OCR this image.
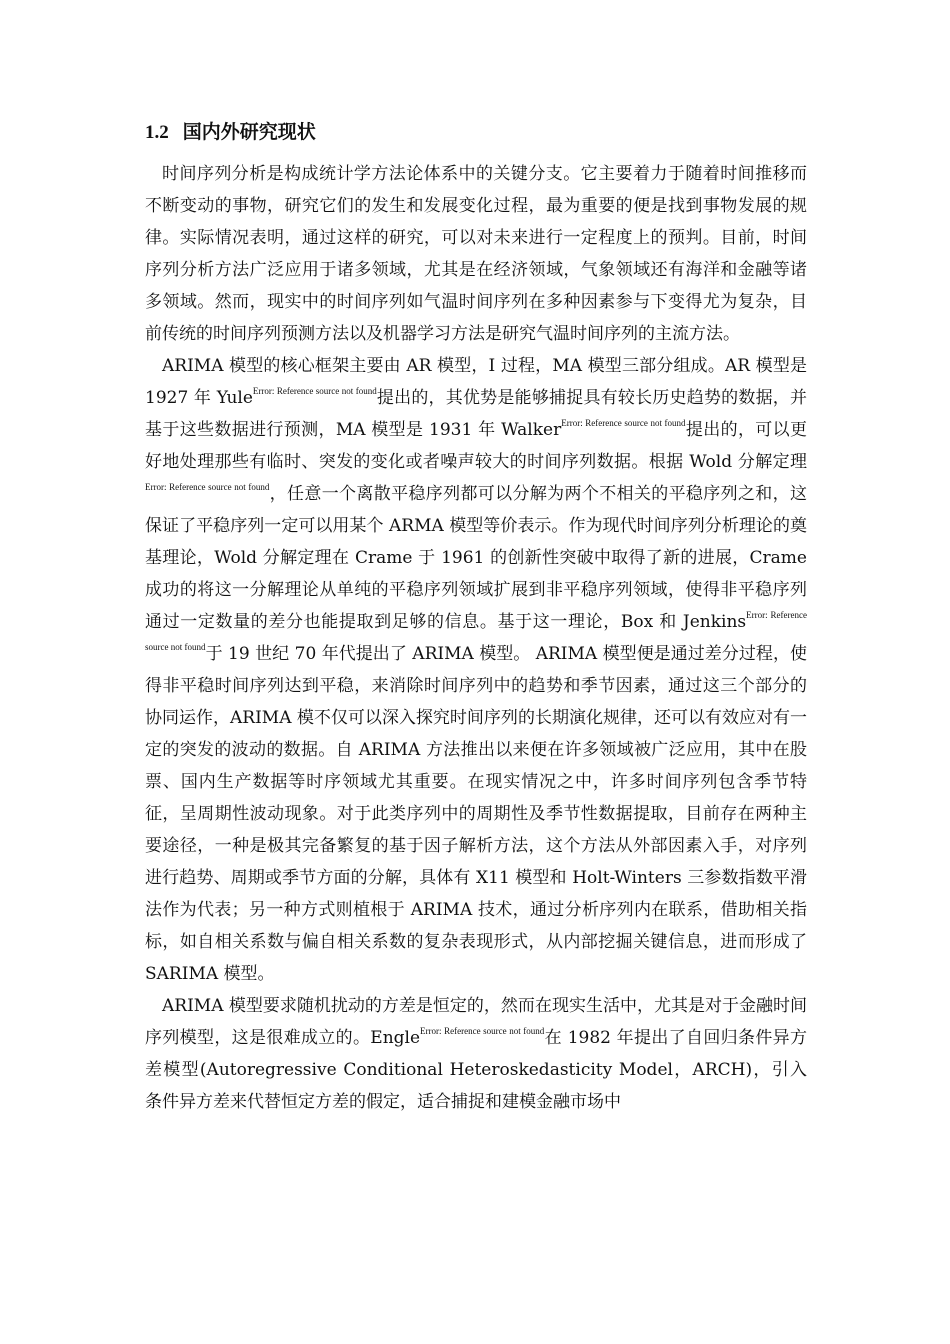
1.2 国内外研究现状

时间序列分析是构成统计学方法论体系中的关键分支。它主要着力于随着时间推移而不断变动的事物，研究它们的发生和发展变化过程，最为重要的便是找到事物发展的规律。实际情况表明，通过这样的研究，可以对未来进行一定程度上的预判。目前，时间序列分析方法广泛应用于诸多领域，尤其是在经济领域，气象领域还有海洋和金融等诸多领域。然而，现实中的时间序列如气温时间序列在多种因素参与下变得尤为复杂，目前传统的时间序列预测方法以及机器学习方法是研究气温时间序列的主流方法。

ARIMA 模型的核心框架主要由 AR 模型，I 过程，MA 模型三部分组成。AR 模型是 1927 年 Yule$^{Error: Reference source not found}$提出的，其优势是能够捕捉具有较长历史趋势的数据，并基于这些数据进行预测，MA 模型是 1931 年 Walker$^{Error: Reference source not found}$提出的，可以更好地处理那些有临时、突发的变化或者噪声较大的时间序列数据。根据 Wold 分解定理$^{Error: Reference source not found}$，任意一个离散平稳序列都可以分解为两个不相关的平稳序列之和，这保证了平稳序列一定可以用某个 ARMA 模型等价表示。作为现代时间序列分析理论的奠基理论，Wold 分解定理在 Crame 于 1961 的创新性突破中取得了新的进展，Crame 成功的将这一分解理论从单纯的平稳序列领域扩展到非平稳序列领域，使得非平稳序列通过一定数量的差分也能提取到足够的信息。基于这一理论，Box 和 Jenkins$^{Error: Reference source not found}$于 19 世纪 70 年代提出了 ARIMA 模型。 ARIMA 模型便是通过差分过程，使得非平稳时间序列达到平稳，来消除时间序列中的趋势和季节因素，通过这三个部分的协同运作，ARIMA 模不仅可以深入探究时间序列的长期演化规律，还可以有效应对有一定的突发的波动的数据。自 ARIMA 方法推出以来便在许多领域被广泛应用，其中在股票、国内生产数据等时序领域尤其重要。在现实情况之中，许多时间序列包含季节特征，呈周期性波动现象。对于此类序列中的周期性及季节性数据提取，目前存在两种主要途径，一种是极其完备繁复的基于因子解析方法，这个方法从外部因素入手，对序列进行趋势、周期或季节方面的分解，具体有 X11 模型和 Holt-Winters 三参数指数平滑法作为代表；另一种方式则植根于 ARIMA 技术，通过分析序列内在联系，借助相关指标，如自相关系数与偏自相关系数的复杂表现形式，从内部挖掘关键信息，进而形成了 SARIMA 模型。

ARIMA 模型要求随机扰动的方差是恒定的，然而在现实生活中，尤其是对于金融时间序列模型，这是很难成立的。Engle$^{Error: Reference source not found}$在 1982 年提出了自回归条件异方差模型(Autoregressive Conditional Heteroskedasticity Model，ARCH)，引入条件异方差来代替恒定方差的假定，适合捕捉和建模金融市场中
